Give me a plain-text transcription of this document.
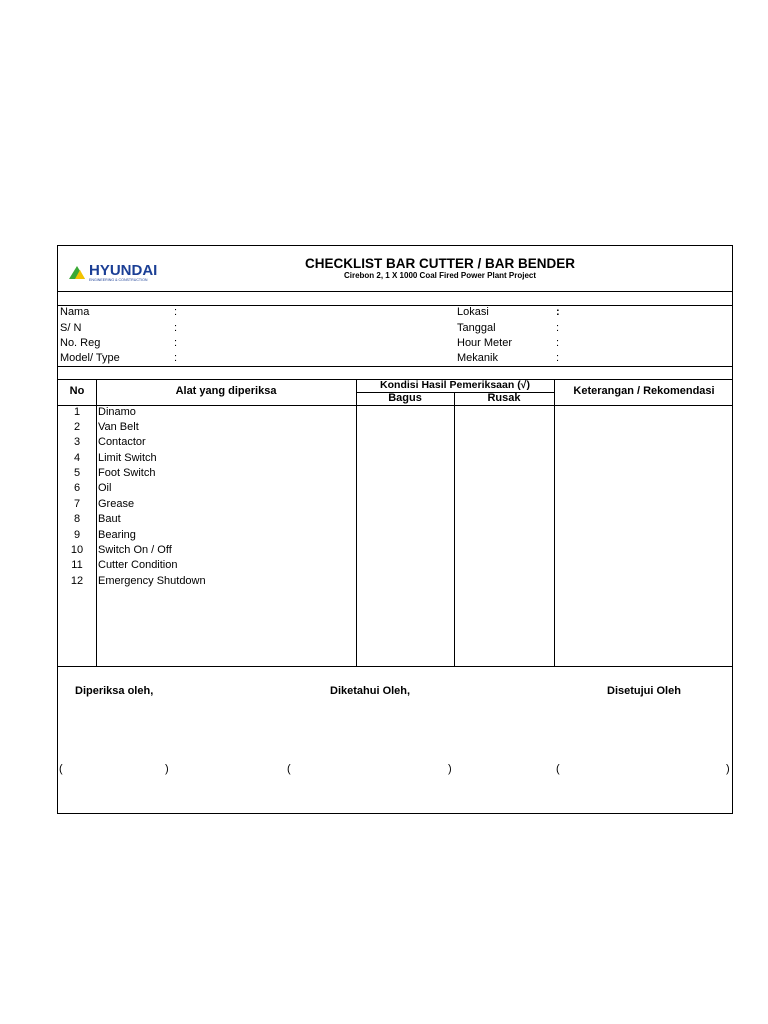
HYUNDAI
ENGINEERING & CONSTRUCTION
CHECKLIST BAR CUTTER / BAR BENDER
Cirebon 2, 1 X 1000 Coal Fired Power Plant Project
Nama	:	Lokasi	:
S/ N	:	Tanggal	:
No. Reg	:	Hour Meter	:
Model/ Type	:	Mekanik	:
No	Alat yang diperiksa	Kondisi Hasil Pemeriksaan (√)
Bagus	Rusak
Keterangan / Rekomendasi
1	Dinamo
2	Van Belt
3	Contactor
4	Limit Switch
5	Foot Switch
6	Oil
7	Grease
8	Baut
9	Bearing
10	Switch On / Off
11	Cutter Condition
12	Emergency Shutdown
Diperiksa oleh,	Diketahui Oleh,	Disetujui Oleh
(	)	(	)	(	)
